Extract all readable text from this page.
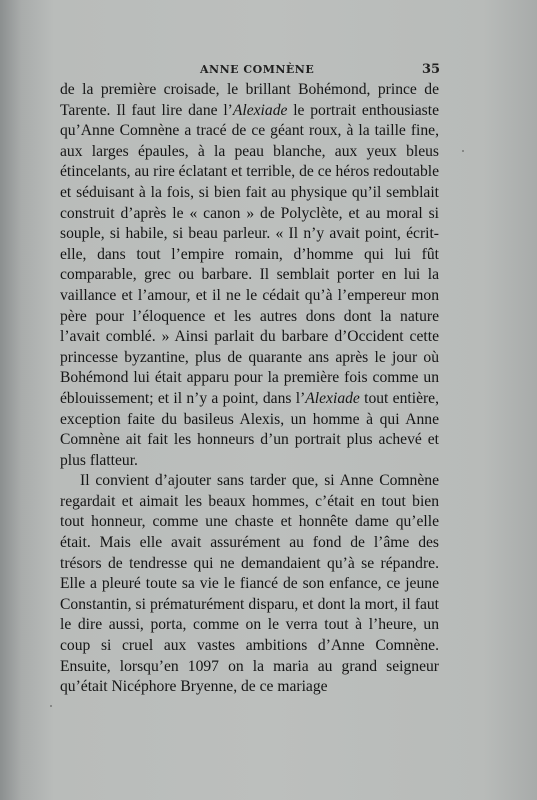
ANNE COMNÈNE	35

de la première croisade, le brillant Bohémond, prince de Tarente. Il faut lire dane l’Alexiade le portrait enthousiaste qu’Anne Comnène a tracé de ce géant roux, à la taille fine, aux larges épaules, à la peau blanche, aux yeux bleus étincelants, au rire éclatant et terrible, de ce héros redoutable et séduisant à la fois, si bien fait au physique qu’il semblait construit d’après le « canon » de Polyclète, et au moral si souple, si habile, si beau parleur. « Il n’y avait point, écrit-elle, dans tout l’empire romain, d’homme qui lui fût comparable, grec ou barbare. Il semblait porter en lui la vaillance et l’amour, et il ne le cédait qu’à l’empereur mon père pour l’éloquence et les autres dons dont la nature l’avait comblé. » Ainsi parlait du barbare d’Occident cette princesse byzantine, plus de quarante ans après le jour où Bohémond lui était apparu pour la première fois comme un éblouissement; et il n’y a point, dans l’Alexiade tout entière, exception faite du basileus Alexis, un homme à qui Anne Comnène ait fait les honneurs d’un portrait plus achevé et plus flatteur.

Il convient d’ajouter sans tarder que, si Anne Comnène regardait et aimait les beaux hommes, c’était en tout bien tout honneur, comme une chaste et honnête dame qu’elle était. Mais elle avait assurément au fond de l’âme des trésors de tendresse qui ne demandaient qu’à se répandre. Elle a pleuré toute sa vie le fiancé de son enfance, ce jeune Constantin, si prématurément disparu, et dont la mort, il faut le dire aussi, porta, comme on le verra tout à l’heure, un coup si cruel aux vastes ambitions d’Anne Comnène. Ensuite, lorsqu’en 1097 on la maria au grand seigneur qu’était Nicéphore Bryenne, de ce mariage
